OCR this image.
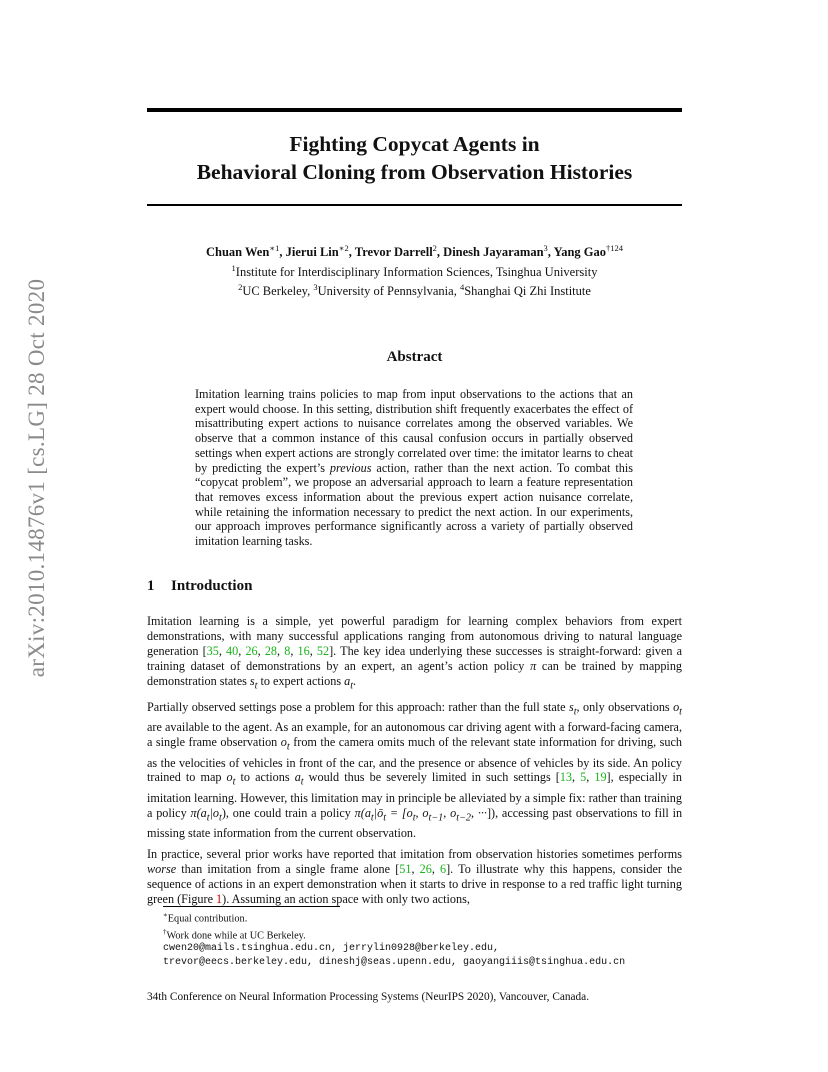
arXiv:2010.14876v1 [cs.LG] 28 Oct 2020
Fighting Copycat Agents in
Behavioral Cloning from Observation Histories
Chuan Wen$^{∗1}$, Jierui Lin$^{∗2}$, Trevor Darrell$^2$, Dinesh Jayaraman$^3$, Yang Gao$^{\dagger 124}$
$^1$Institute for Interdisciplinary Information Sciences, Tsinghua University
$^2$UC Berkeley, $^3$University of Pennsylvania, $^4$Shanghai Qi Zhi Institute
Abstract
Imitation learning trains policies to map from input observations to the actions that an expert would choose. In this setting, distribution shift frequently exacerbates the effect of misattributing expert actions to nuisance correlates among the observed variables. We observe that a common instance of this causal confusion occurs in partially observed settings when expert actions are strongly correlated over time: the imitator learns to cheat by predicting the expert’s previous action, rather than the next action. To combat this “copycat problem”, we propose an adversarial approach to learn a feature representation that removes excess information about the previous expert action nuisance correlate, while retaining the information necessary to predict the next action. In our experiments, our approach improves performance significantly across a variety of partially observed imitation learning tasks.
1 Introduction

Imitation learning is a simple, yet powerful paradigm for learning complex behaviors from expert demonstrations, with many successful applications ranging from autonomous driving to natural language generation [35, 40, 26, 28, 8, 16, 52]. The key idea underlying these successes is straight-forward: given a training dataset of demonstrations by an expert, an agent’s action policy π can be trained by mapping demonstration states $s_t$ to expert actions $a_t$.

Partially observed settings pose a problem for this approach: rather than the full state $s_t$, only observations $o_t$ are available to the agent. As an example, for an autonomous car driving agent with a forward-facing camera, a single frame observation $o_t$ from the camera omits much of the relevant state information for driving, such as the velocities of vehicles in front of the car, and the presence or absence of vehicles by its side. An policy trained to map $o_t$ to actions $a_t$ would thus be severely limited in such settings [13, 5, 19], especially in imitation learning. However, this limitation may in principle be alleviated by a simple fix: rather than training a policy $\pi(a_t|o_t)$, one could train a policy $\pi(a_t|ō_t = [o_t$, $o_{t-1}$, $o_{t-2}$, ···]), accessing past observations to fill in missing state information from the current observation.

In practice, several prior works have reported that imitation from observation histories sometimes performs worse than imitation from a single frame alone [51, 26, 6]. To illustrate why this happens, consider the sequence of actions in an expert demonstration when it starts to drive in response to a red traffic light turning green (Figure 1). Assuming an action space with only two actions,

∗Equal contribution.
†Work done while at UC Berkeley.
cwen20@mails.tsinghua.edu.cn, jerrylin0928@berkeley.edu,
trevor@eecs.berkeley.edu, dineshj@seas.upenn.edu, gaoyangiiis@tsinghua.edu.cn
34th Conference on Neural Information Processing Systems (NeurIPS 2020), Vancouver, Canada.
